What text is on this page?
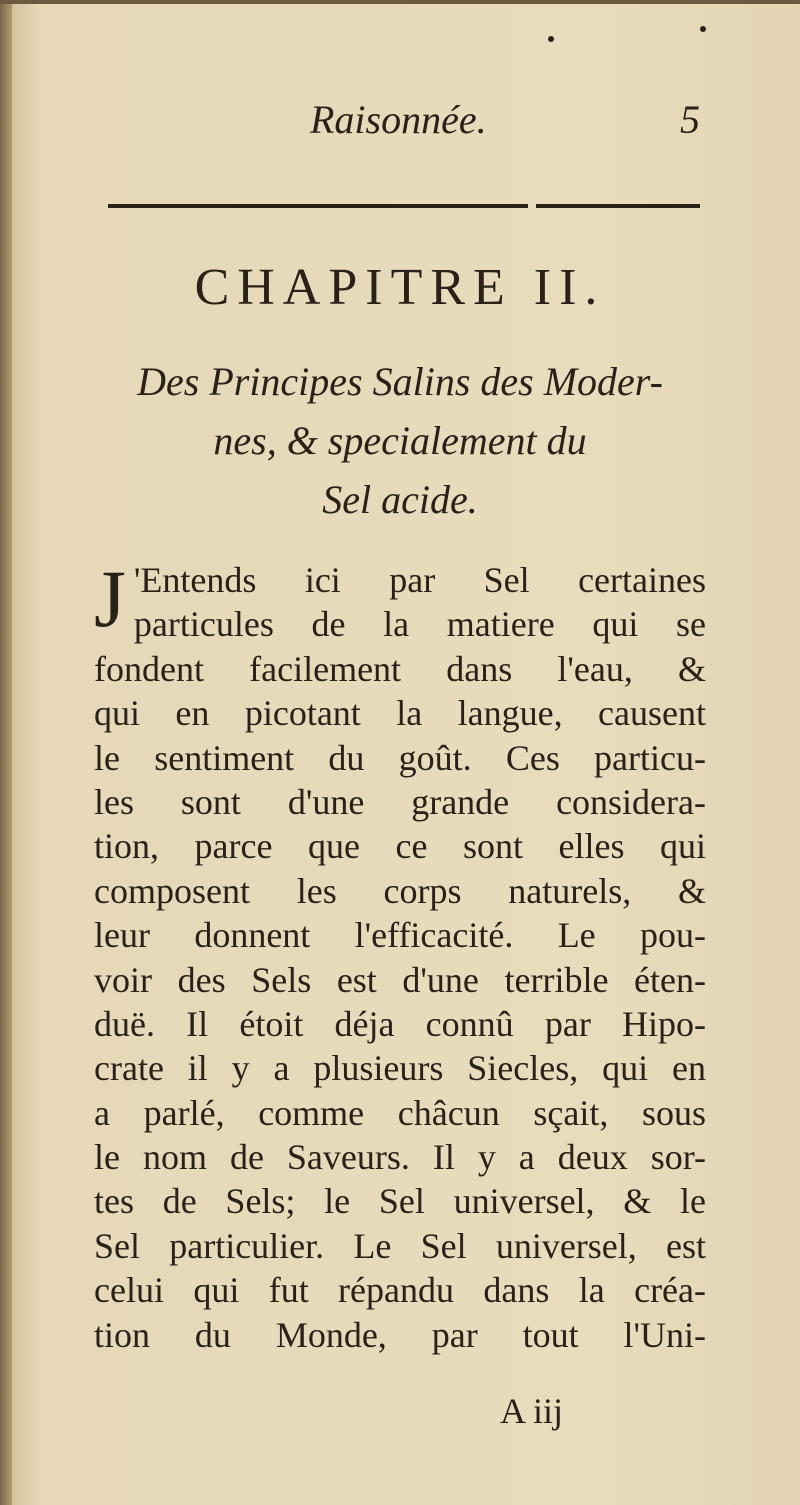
Raisonnée.	5
CHAPITRE II.
Des Principes Salins des Moder-
nes, & specialement du
Sel acide.
J 'Entends ici par Sel certaines
particules de la matiere qui se
fondent facilement dans l'eau, &
qui en picotant la langue, causent
le sentiment du goût. Ces particu-
les sont d'une grande considera-
tion, parce que ce sont elles qui
composent les corps naturels, &
leur donnent l'efficacité. Le pou-
voir des Sels est d'une terrible éten-
duë. Il étoit déja connû par Hipo-
crate il y a plusieurs Siecles, qui en
a parlé, comme châcun sçait, sous
le nom de Saveurs. Il y a deux sor-
tes de Sels; le Sel universel, & le
Sel particulier. Le Sel universel, est
celui qui fut répandu dans la créa-
tion du Monde, par tout l'Uni-
A iij
